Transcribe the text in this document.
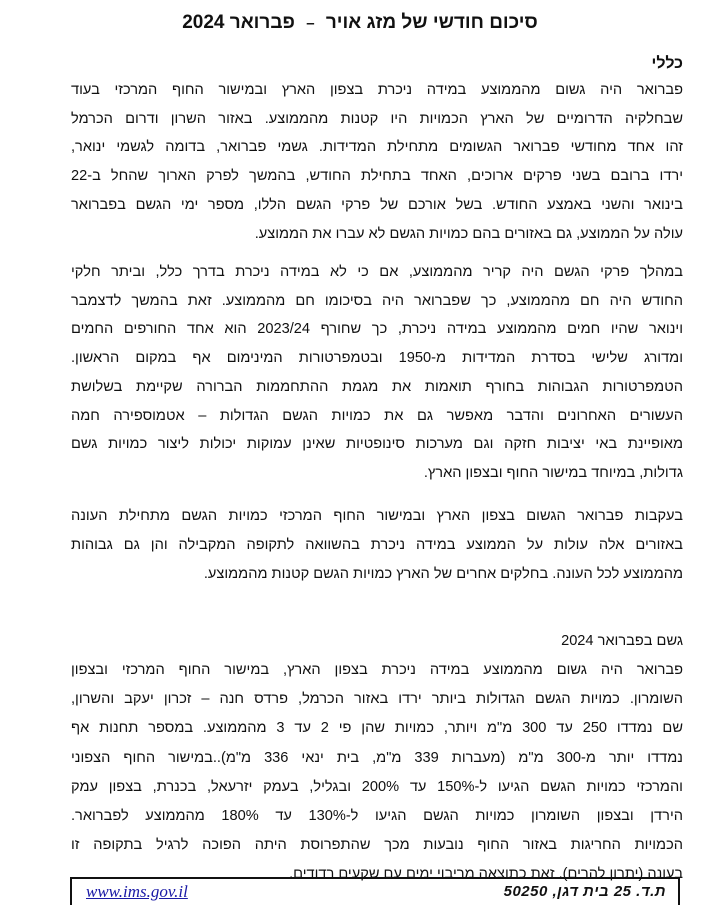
סיכום חודשי של מזג אויר – פברואר 2024
כללי
פברואר היה גשום מהממוצע במידה ניכרת בצפון הארץ ובמישור החוף המרכזי בעוד
שבחלקיה הדרומיים של הארץ הכמויות היו קטנות מהממוצע. באזור השרון ודרום הכרמל
זהו אחד מחודשי פברואר הגשומים מתחילת המדידות. גשמי פברואר, בדומה לגשמי ינואר,
ירדו ברובם בשני פרקים ארוכים, האחד בתחילת החודש, בהמשך לפרק הארוך שהחל ב-22
בינואר והשני באמצע החודש. בשל אורכם של פרקי הגשם הללו, מספר ימי הגשם בפברואר
עולה על הממוצע, גם באזורים בהם כמויות הגשם לא עברו את הממוצע.
במהלך פרקי הגשם היה קריר מהממוצע, אם כי לא במידה ניכרת בדרך כלל, וביתר חלקי
החודש היה חם מהממוצע, כך שפברואר היה בסיכומו חם מהממוצע. זאת בהמשך לדצמבר
וינואר שהיו חמים מהממוצע במידה ניכרת, כך שחורף 2023/24 הוא אחד החורפים החמים
ומדורג שלישי בסדרת המדידות מ-1950 ובטמפרטורות המינימום אף במקום הראשון.
הטמפרטורות הגבוהות בחורף תואמות את מגמת ההתחממות הברורה שקיימת בשלושת
העשורים האחרונים והדבר מאפשר גם את כמויות הגשם הגדולות – אטמוספירה חמה
מאופיינת באי יציבות חזקה וגם מערכות סינופטיות שאינן עמוקות יכולות ליצור כמויות גשם
גדולות, במיוחד במישור החוף ובצפון הארץ.
בעקבות פברואר הגשום בצפון הארץ ובמישור החוף המרכזי כמויות הגשם מתחילת העונה
באזורים אלה עולות על הממוצע במידה ניכרת בהשוואה לתקופה המקבילה והן גם גבוהות
מהממוצע לכל העונה. בחלקים אחרים של הארץ כמויות הגשם קטנות מהממוצע.
גשם בפברואר 2024
פברואר היה גשום מהממוצע במידה ניכרת בצפון הארץ, במישור החוף המרכזי ובצפון
השומרון. כמויות הגשם הגדולות ביותר ירדו באזור הכרמל, פרדס חנה – זכרון יעקב והשרון,
שם נמדדו 250 עד 300 מ"מ ויותר, כמויות שהן פי 2 עד 3 מהממוצע. במספר תחנות אף
נמדדו יותר מ-300 מ"מ (מעברות 339 מ"מ, בית ינאי 336 מ"מ)..במישור החוף הצפוני
והמרכזי כמויות הגשם הגיעו ל-150% עד 200% ובגליל, בעמק יזרעאל, בכנרת, בצפון עמק
הירדן ובצפון השומרון כמויות הגשם הגיעו ל-130% עד 180% מהממוצע לפברואר.
הכמויות החריגות באזור החוף נובעות מכך שהתפרוסת היתה הפוכה לרגיל בתקופה זו
בעונה (יתרון להרים). זאת כתוצאה מריבוי ימים עם שקעים רדודים.
www.ims.gov.il	ת.ד. 25 בית דגן, 50250
